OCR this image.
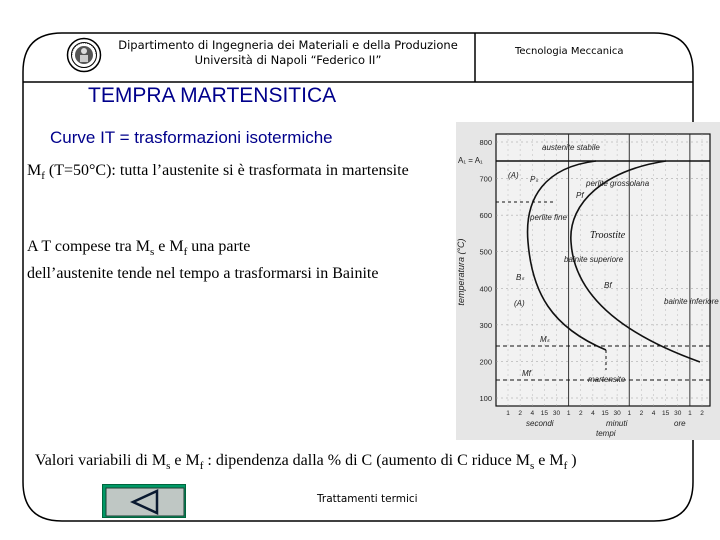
Dipartimento di Ingegneria dei Materiali e della Produzione
Università di Napoli “Federico II”
Tecnologia Meccanica
TEMPRA MARTENSITICA
Curve IT = trasformazioni isotermiche
$M_f$ (T=50°C): tutta l’austenite si è trasformata in martensite
A T compese tra $M_s$ e $M_f$ una parte
dell’austenite tende nel tempo a trasformarsi in Bainite
Valori variabili di $M_s$ e $M_f$ : dipendenza dalla % di C (aumento di C riduce $M_s$ e $M_f$ )
temperatura (°C)
800
700
600
500
400
300
200
100
1 2 4 15 30 1 2 4 15 30 1 2 4 15 30 1 2
secondi	minuti	ore
tempi
A₁ = A₁
austenite stabile
(A) Pₛ
Pf
perlite grossolana
perlite fine
Troostite
bainite superiore
Bₛ
Bf
bainite inferiore
(A)
Mₛ
Mf
martensite
Trattamenti termici
